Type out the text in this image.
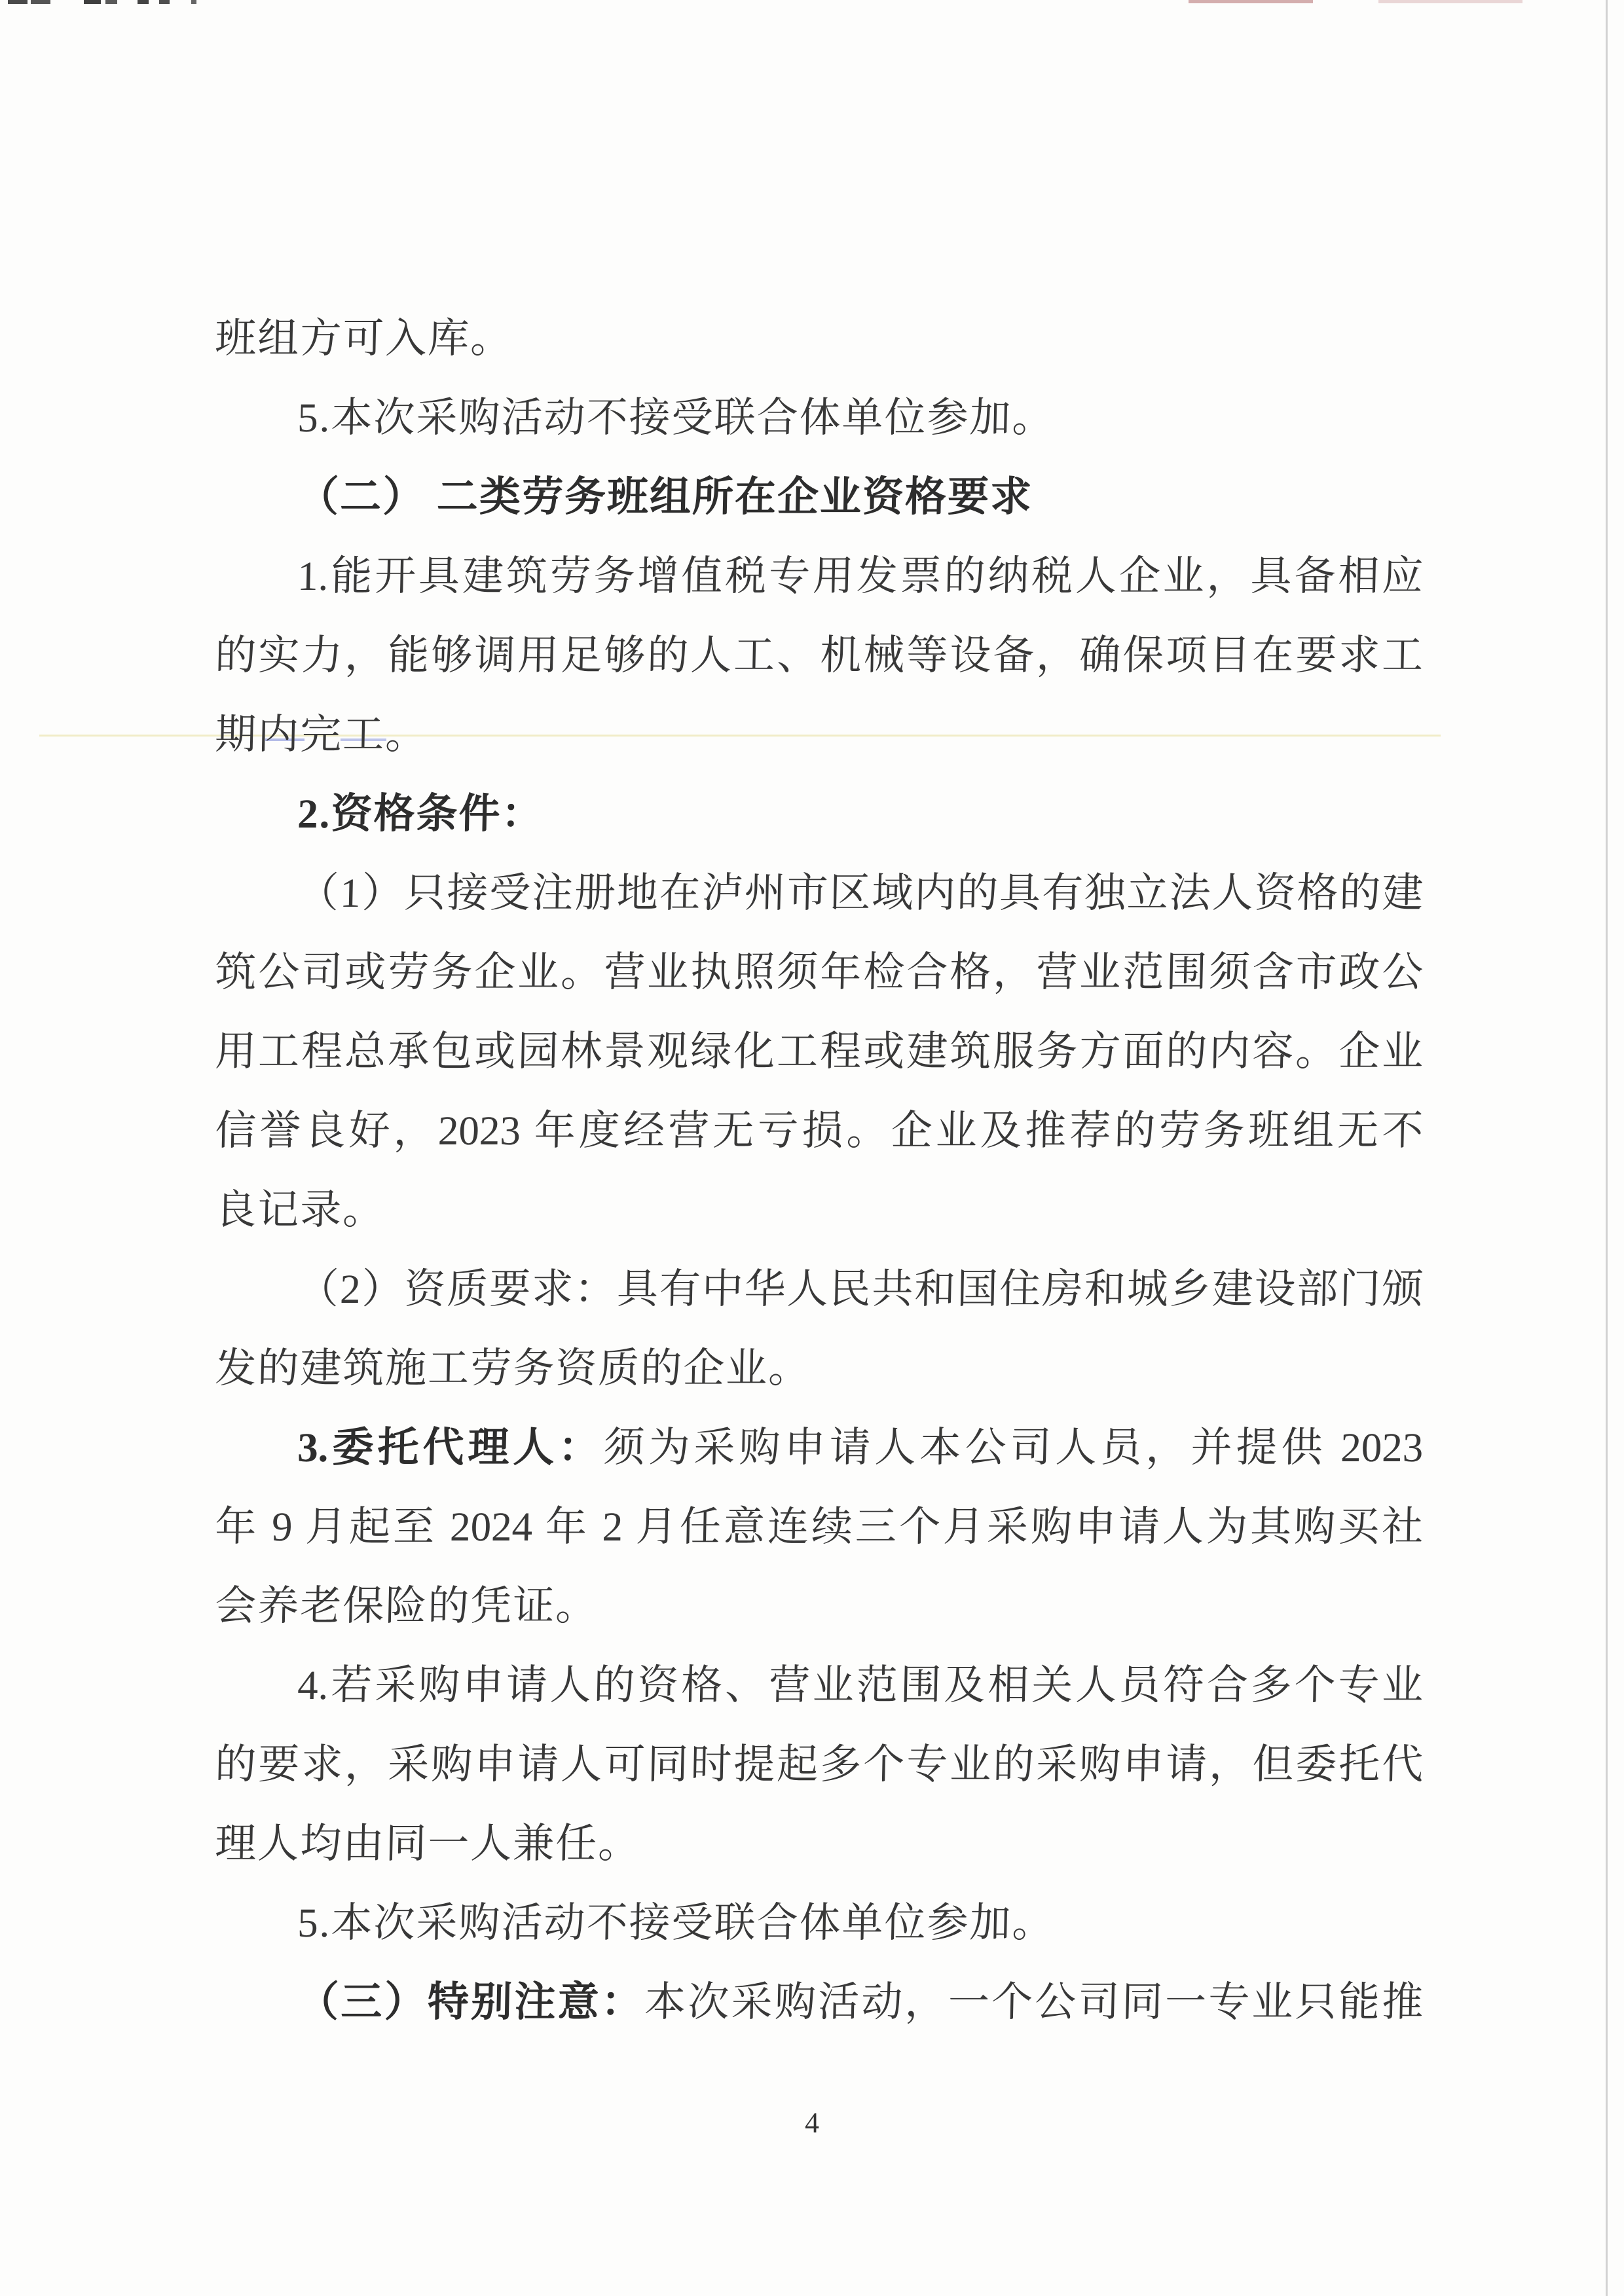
班组方可入库。
5.本次采购活动不接受联合体单位参加。
（二） 二类劳务班组所在企业资格要求
1.能开具建筑劳务增值税专用发票的纳税人企业，具备相应
的实力，能够调用足够的人工、机械等设备，确保项目在要求工
期内完工。
2.资格条件：
（1）只接受注册地在泸州市区域内的具有独立法人资格的建
筑公司或劳务企业。营业执照须年检合格，营业范围须含市政公
用工程总承包或园林景观绿化工程或建筑服务方面的内容。企业
信誉良好，2023 年度经营无亏损。企业及推荐的劳务班组无不
良记录。
（2）资质要求：具有中华人民共和国住房和城乡建设部门颁
发的建筑施工劳务资质的企业。
3.委托代理人：须为采购申请人本公司人员，并提供 2023
年 9 月起至 2024 年 2 月任意连续三个月采购申请人为其购买社
会养老保险的凭证。
4.若采购申请人的资格、营业范围及相关人员符合多个专业
的要求，采购申请人可同时提起多个专业的采购申请，但委托代
理人均由同一人兼任。
5.本次采购活动不接受联合体单位参加。
（三）特别注意：本次采购活动，一个公司同一专业只能推
4
